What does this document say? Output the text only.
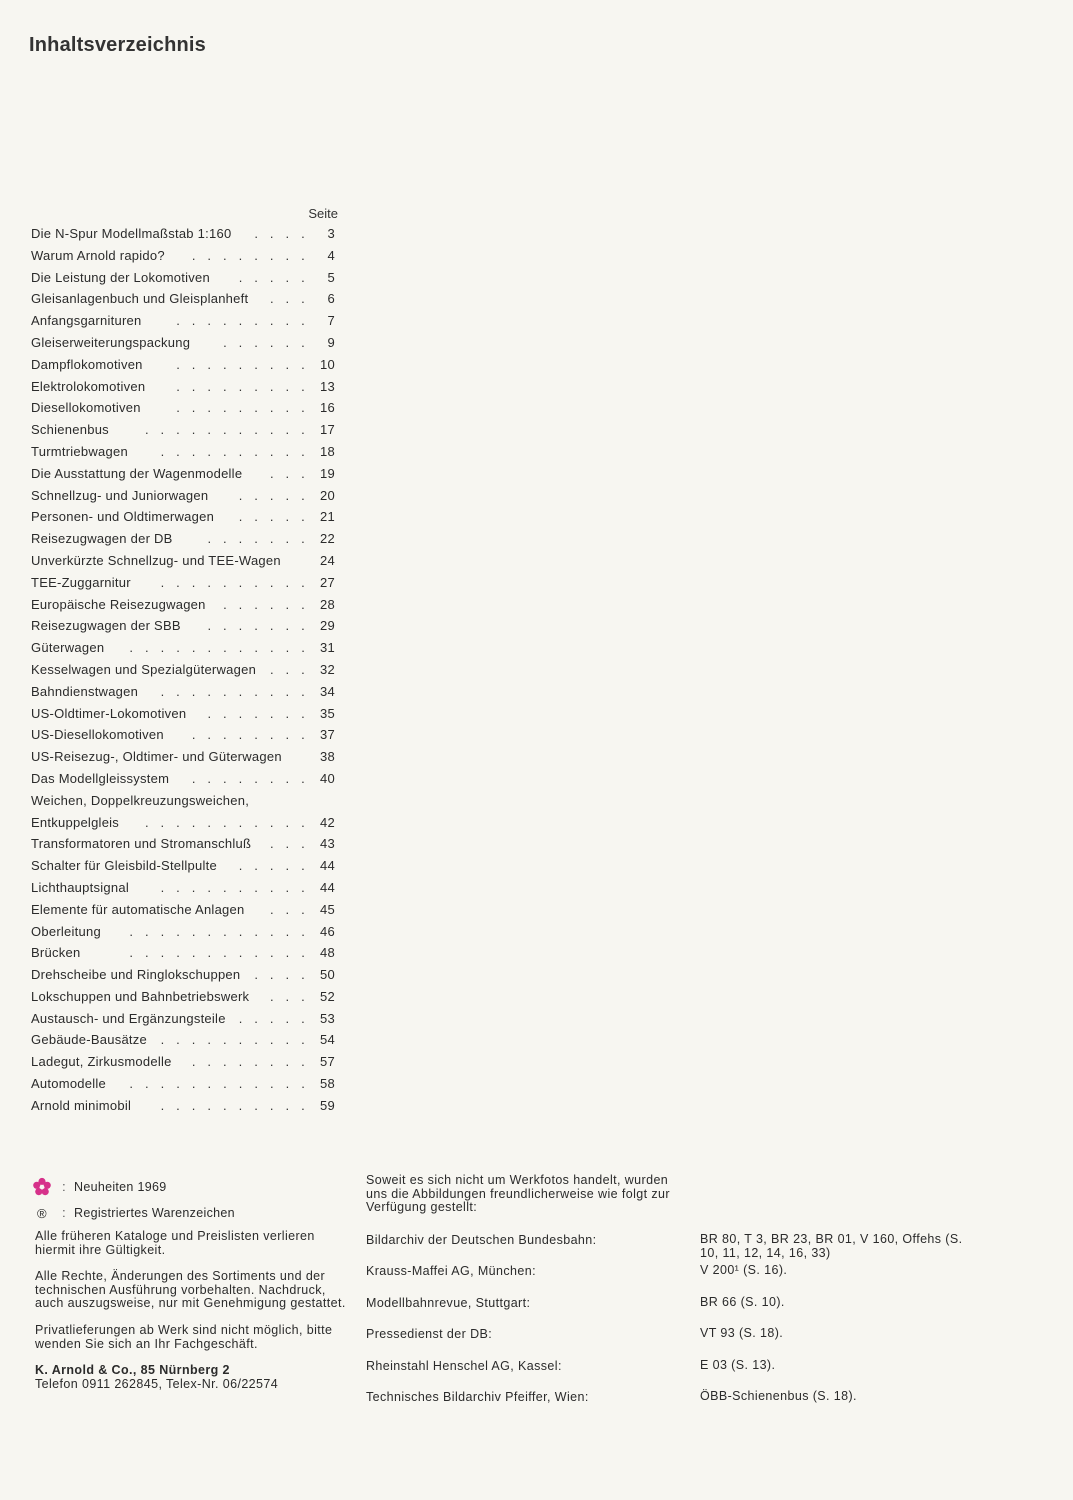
Inhaltsverzeichnis
Seite
Die N-Spur Modellmaßstab 1:160	. . . .	3
Warum Arnold rapido?	. . . . . . . .	4
Die Leistung der Lokomotiven	. . . . .	5
Gleisanlagenbuch und Gleisplanheft	. . .	6
Anfangsgarnituren	. . . . . . . . .	7
Gleiserweiterungspackung	. . . . . .	9
Dampflokomotiven	. . . . . . . . . 10
Elektrolokomotiven	. . . . . . . . . 13
Diesellokomotiven	. . . . . . . . . 16
Schienenbus	. . . . . . . . . . . 17
Turmtriebwagen	. . . . . . . . . . 18
Die Ausstattung der Wagenmodelle	. . . 19
Schnellzug- und Juniorwagen	. . . . . 20
Personen- und Oldtimerwagen	. . . . . 21
Reisezugwagen der DB	. . . . . . . 22
Unverkürzte Schnellzug- und TEE-Wagen	24
TEE-Zuggarnitur	. . . . . . . . . . 27
Europäische Reisezugwagen	. . . . . . 28
Reisezugwagen der SBB	. . . . . . . 29
Güterwagen	. . . . . . . . . . . . 31
Kesselwagen und Spezialgüterwagen	. . . 32
Bahndienstwagen	. . . . . . . . . . 34
US-Oldtimer-Lokomotiven	. . . . . . . 35
US-Diesellokomotiven	. . . . . . . . 37
US-Reisezug-, Oldtimer- und Güterwagen	38
Das Modellgleissystem	. . . . . . . . 40
Weichen, Doppelkreuzungsweichen,
Entkuppelgleis	. . . . . . . . . . . 42
Transformatoren und Stromanschluß	. . . 43
Schalter für Gleisbild-Stellpulte	. . . . . 44
Lichthauptsignal	. . . . . . . . . . 44
Elemente für automatische Anlagen	. . . 45
Oberleitung	. . . . . . . . . . . . 46
Brücken	. . . . . . . . . . . . 48
Drehscheibe und Ringlokschuppen	. . . . 50
Lokschuppen und Bahnbetriebswerk	. . . 52
Austausch- und Ergänzungsteile	. . . . . 53
Gebäude-Bausätze	. . . . . . . . . . 54
Ladegut, Zirkusmodelle	. . . . . . . . 57
Automodelle	. . . . . . . . . . . . 58
Arnold minimobil	. . . . . . . . . . 59
: Neuheiten 1969
®	: Registriertes Warenzeichen

Alle früheren Kataloge und Preislisten verlieren hiermit ihre Gültigkeit.

Alle Rechte, Änderungen des Sortiments und der technischen Ausführung vorbehalten. Nachdruck, auch auszugsweise, nur mit Genehmigung gestattet.

Privatlieferungen ab Werk sind nicht möglich, bitte wenden Sie sich an Ihr Fachgeschäft.

K. Arnold & Co., 85 Nürnberg 2
Telefon 0911 262845, Telex-Nr. 06/22574
Soweit es sich nicht um Werkfotos handelt, wurden uns die Abbildungen freundlicherweise wie folgt zur Verfügung gestellt:
Bildarchiv der Deutschen Bundesbahn:	BR 80, T 3, BR 23, BR 01, V 160, Offehs (S. 10, 11, 12, 14, 16, 33)
Krauss-Maffei AG, München:	V 200¹ (S. 16).
Modellbahnrevue, Stuttgart:	BR 66 (S. 10).
Pressedienst der DB:	VT 93 (S. 18).
Rheinstahl Henschel AG, Kassel:	E 03 (S. 13).
Technisches Bildarchiv Pfeiffer, Wien:	ÖBB-Schienenbus (S. 18).
